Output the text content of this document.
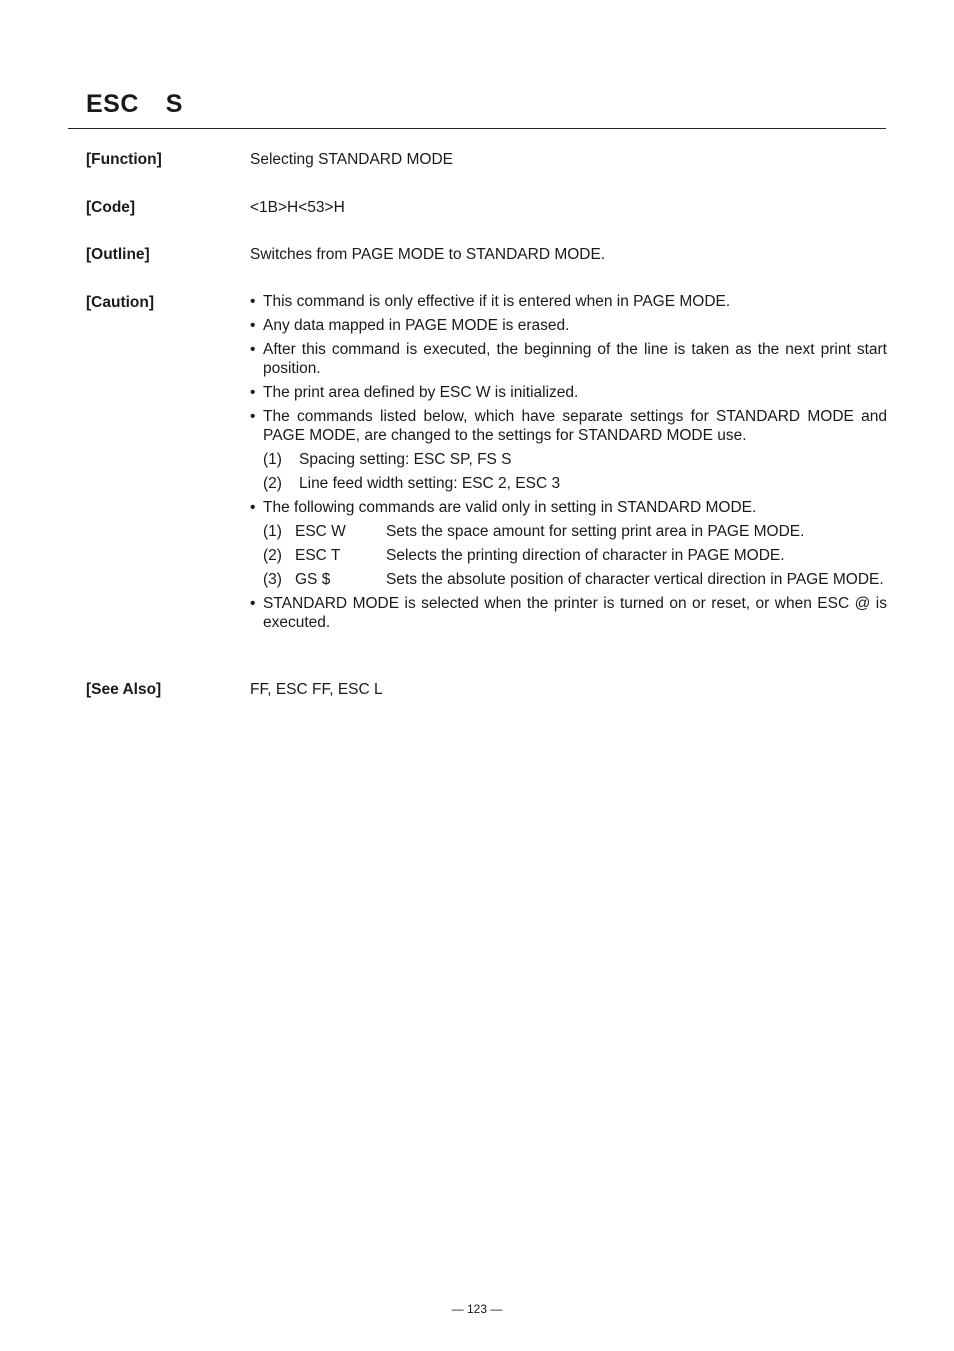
ESC  S
[Function]	Selecting STANDARD MODE
[Code]	<1B>H<53>H
[Outline]	Switches from PAGE MODE to STANDARD MODE.
[Caution]	• This command is only effective if it is entered when in PAGE MODE.
• Any data mapped in PAGE MODE is erased.
• After this command is executed, the beginning of the line is taken as the next print start position.
• The print area defined by ESC W is initialized.
• The commands listed below, which have separate settings for STANDARD MODE and PAGE MODE, are changed to the settings for STANDARD MODE use.
(1) Spacing setting: ESC SP, FS S
(2) Line feed width setting: ESC 2, ESC 3
• The following commands are valid only in setting in STANDARD MODE.
(1) ESC W	Sets the space amount for setting print area in PAGE MODE.
(2) ESC T	Selects the printing direction of character in PAGE MODE.
(3) GS $	Sets the absolute position of character vertical direction in PAGE MODE.
• STANDARD MODE is selected when the printer is turned on or reset, or when ESC @ is executed.
[See Also]	FF, ESC FF, ESC L
— 123 —
